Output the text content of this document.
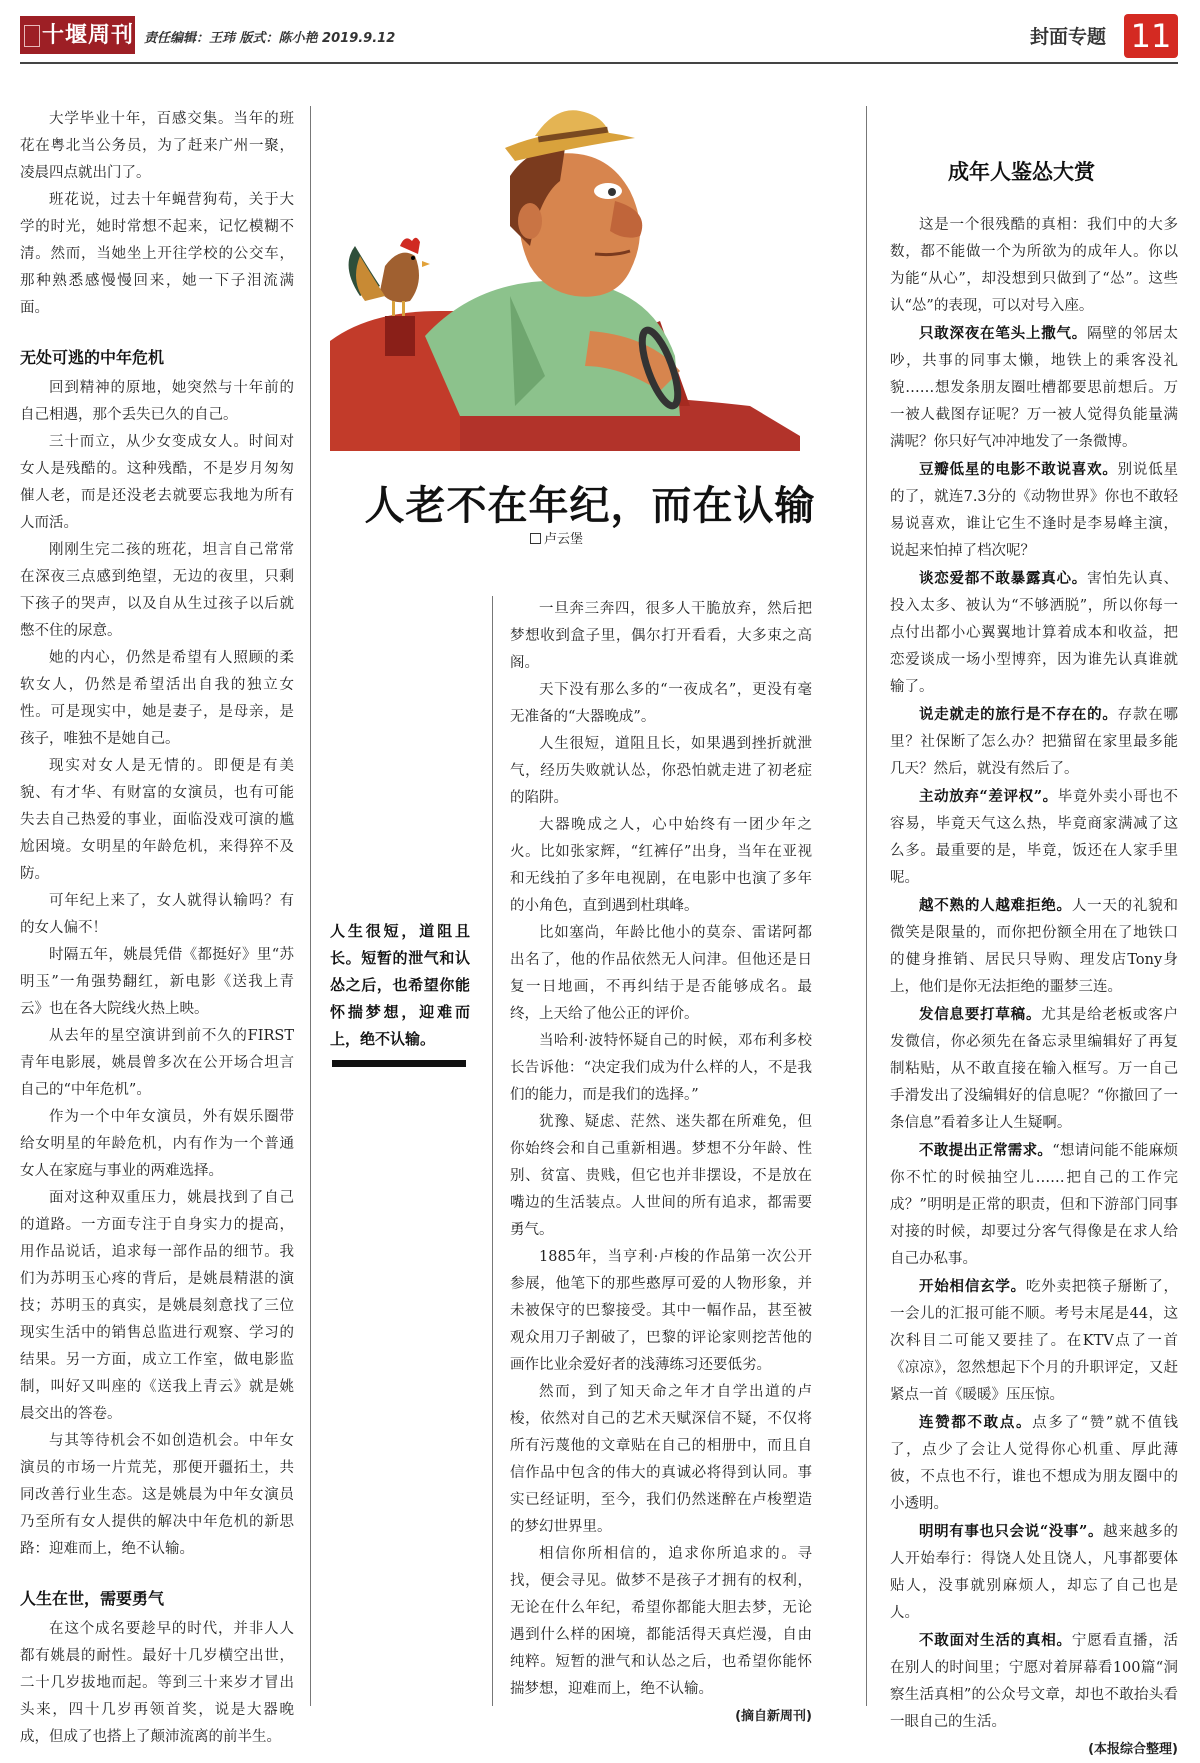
十堰周刊 责任编辑：王玮 版式：陈小艳 2019.9.12	封面专题 11
人老不在年纪，而在认输
卢云堡

大学毕业十年，百感交集。当年的班花在粤北当公务员，为了赶来广州一聚，凌晨四点就出门了。

班花说，过去十年蝇营狗苟，关于大学的时光，她时常想不起来，记忆模糊不清。然而，当她坐上开往学校的公交车，那种熟悉感慢慢回来，她一下子泪流满面。

无处可逃的中年危机

回到精神的原地，她突然与十年前的自己相遇，那个丢失已久的自己。

三十而立，从少女变成女人。时间对女人是残酷的。这种残酷，不是岁月匆匆催人老，而是还没老去就要忘我地为所有人而活。

刚刚生完二孩的班花，坦言自己常常在深夜三点感到绝望，无边的夜里，只剩下孩子的哭声，以及自从生过孩子以后就憋不住的尿意。

她的内心，仍然是希望有人照顾的柔软女人，仍然是希望活出自我的独立女性。可是现实中，她是妻子，是母亲，是孩子，唯独不是她自己。

现实对女人是无情的。即便是有美貌、有才华、有财富的女演员，也有可能失去自己热爱的事业，面临没戏可演的尴尬困境。女明星的年龄危机，来得猝不及防。

可年纪上来了，女人就得认输吗？有的女人偏不！

时隔五年，姚晨凭借《都挺好》里“苏明玉”一角强势翻红，新电影《送我上青云》也在各大院线火热上映。

从去年的星空演讲到前不久的FIRST青年电影展，姚晨曾多次在公开场合坦言自己的“中年危机”。

作为一个中年女演员，外有娱乐圈带给女明星的年龄危机，内有作为一个普通女人在家庭与事业的两难选择。

面对这种双重压力，姚晨找到了自己的道路。一方面专注于自身实力的提高，用作品说话，追求每一部作品的细节。我们为苏明玉心疼的背后，是姚晨精湛的演技；苏明玉的真实，是姚晨刻意找了三位现实生活中的销售总监进行观察、学习的结果。另一方面，成立工作室，做电影监制，叫好又叫座的《送我上青云》就是姚晨交出的答卷。

与其等待机会不如创造机会。中年女演员的市场一片荒芜，那便开疆拓土，共同改善行业生态。这是姚晨为中年女演员乃至所有女人提供的解决中年危机的新思路：迎难而上，绝不认输。

人生在世，需要勇气

在这个成名要趁早的时代，并非人人都有姚晨的耐性。最好十几岁横空出世，二十几岁拔地而起。等到三十来岁才冒出头来，四十几岁再领首奖，说是大器晚成，但成了也搭上了颠沛流离的前半生。

人生很短，道阻且长。短暂的泄气和认怂之后，也希望你能怀揣梦想，迎难而上，绝不认输。

一旦奔三奔四，很多人干脆放弃，然后把梦想收到盒子里，偶尔打开看看，大多束之高阁。

天下没有那么多的“一夜成名”，更没有毫无准备的“大器晚成”。

人生很短，道阻且长，如果遇到挫折就泄气，经历失败就认怂，你恐怕就走进了初老症的陷阱。

大器晚成之人，心中始终有一团少年之火。比如张家辉，“红裤仔”出身，当年在亚视和无线拍了多年电视剧，在电影中也演了多年的小角色，直到遇到杜琪峰。

比如塞尚，年龄比他小的莫奈、雷诺阿都出名了，他的作品依然无人问津。但他还是日复一日地画，不再纠结于是否能够成名。最终，上天给了他公正的评价。

当哈利·波特怀疑自己的时候，邓布利多校长告诉他：“决定我们成为什么样的人，不是我们的能力，而是我们的选择。”

犹豫、疑虑、茫然、迷失都在所难免，但你始终会和自己重新相遇。梦想不分年龄、性别、贫富、贵贱，但它也并非摆设，不是放在嘴边的生活装点。人世间的所有追求，都需要勇气。

1885年，当亨利·卢梭的作品第一次公开参展，他笔下的那些憨厚可爱的人物形象，并未被保守的巴黎接受。其中一幅作品，甚至被观众用刀子割破了，巴黎的评论家则挖苦他的画作比业余爱好者的浅薄练习还要低劣。

然而，到了知天命之年才自学出道的卢梭，依然对自己的艺术天赋深信不疑，不仅将所有污蔑他的文章贴在自己的相册中，而且自信作品中包含的伟大的真诚必将得到认同。事实已经证明，至今，我们仍然迷醉在卢梭塑造的梦幻世界里。

相信你所相信的，追求你所追求的。寻找，便会寻见。做梦不是孩子才拥有的权利，无论在什么年纪，希望你都能大胆去梦，无论遇到什么样的困境，都能活得天真烂漫，自由纯粹。短暂的泄气和认怂之后，也希望你能怀揣梦想，迎难而上，绝不认输。

(摘自新周刊)
成年人鉴怂大赏

这是一个很残酷的真相：我们中的大多数，都不能做一个为所欲为的成年人。你以为能“从心”，却没想到只做到了“怂”。这些认“怂”的表现，可以对号入座。

只敢深夜在笔头上撒气。隔壁的邻居太吵，共事的同事太懒，地铁上的乘客没礼貌……想发条朋友圈吐槽都要思前想后。万一被人截图存证呢？万一被人觉得负能量满满呢？你只好气冲冲地发了一条微博。

豆瓣低星的电影不敢说喜欢。别说低星的了，就连7.3分的《动物世界》你也不敢轻易说喜欢，谁让它生不逢时是李易峰主演，说起来怕掉了档次呢？

谈恋爱都不敢暴露真心。害怕先认真、投入太多、被认为“不够洒脱”，所以你每一点付出都小心翼翼地计算着成本和收益，把恋爱谈成一场小型博弈，因为谁先认真谁就输了。

说走就走的旅行是不存在的。存款在哪里？社保断了怎么办？把猫留在家里最多能几天？然后，就没有然后了。

主动放弃“差评权”。毕竟外卖小哥也不容易，毕竟天气这么热，毕竟商家满减了这么多。最重要的是，毕竟，饭还在人家手里呢。

越不熟的人越难拒绝。人一天的礼貌和微笑是限量的，而你把份额全用在了地铁口的健身推销、居民只导购、理发店Tony身上，他们是你无法拒绝的噩梦三连。

发信息要打草稿。尤其是给老板或客户发微信，你必须先在备忘录里编辑好了再复制粘贴，从不敢直接在输入框写。万一自己手滑发出了没编辑好的信息呢？“你撤回了一条信息”看着多让人生疑啊。

不敢提出正常需求。“想请问能不能麻烦你不忙的时候抽空儿……把自己的工作完成？”明明是正常的职责，但和下游部门同事对接的时候，却要过分客气得像是在求人给自己办私事。

开始相信玄学。吃外卖把筷子掰断了，一会儿的汇报可能不顺。考号末尾是44，这次科目二可能又要挂了。在KTV点了一首《凉凉》，忽然想起下个月的升职评定，又赶紧点一首《暖暖》压压惊。

连赞都不敢点。点多了“赞”就不值钱了，点少了会让人觉得你心机重、厚此薄彼，不点也不行，谁也不想成为朋友圈中的小透明。

明明有事也只会说“没事”。越来越多的人开始奉行：得饶人处且饶人，凡事都要体贴人，没事就别麻烦人，却忘了自己也是人。

不敢面对生活的真相。宁愿看直播，活在别人的时间里；宁愿对着屏幕看100篇“洞察生活真相”的公众号文章，却也不敢抬头看一眼自己的生活。

(本报综合整理)
